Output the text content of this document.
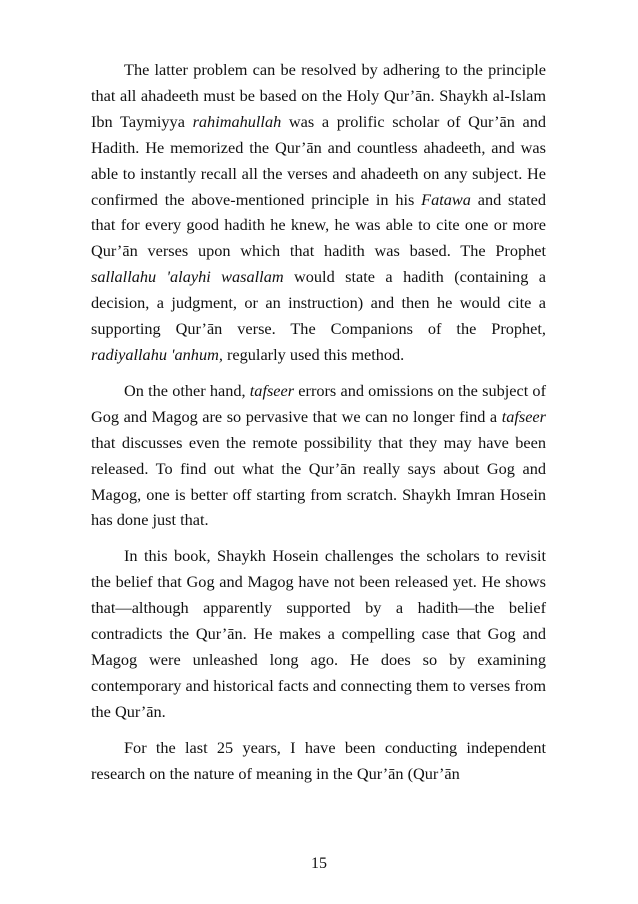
The latter problem can be resolved by adhering to the principle that all ahadeeth must be based on the Holy Qur’ān. Shaykh al-Islam Ibn Taymiyya rahimahullah was a prolific scholar of Qur’ān and Hadith. He memorized the Qur’ān and countless ahadeeth, and was able to instantly recall all the verses and ahadeeth on any subject. He confirmed the above-mentioned principle in his Fatawa and stated that for every good hadith he knew, he was able to cite one or more Qur’ān verses upon which that hadith was based. The Prophet sallallahu 'alayhi wasallam would state a hadith (containing a decision, a judgment, or an instruction) and then he would cite a supporting Qur’ān verse. The Companions of the Prophet, radiyallahu 'anhum, regularly used this method.

On the other hand, tafseer errors and omissions on the subject of Gog and Magog are so pervasive that we can no longer find a tafseer that discusses even the remote possibility that they may have been released. To find out what the Qur’ān really says about Gog and Magog, one is better off starting from scratch. Shaykh Imran Hosein has done just that.

In this book, Shaykh Hosein challenges the scholars to revisit the belief that Gog and Magog have not been released yet. He shows that—although apparently supported by a hadith—the belief contradicts the Qur’ān. He makes a compelling case that Gog and Magog were unleashed long ago. He does so by examining contemporary and historical facts and connecting them to verses from the Qur’ān.

For the last 25 years, I have been conducting independent research on the nature of meaning in the Qur’ān (Qur’ān

15
